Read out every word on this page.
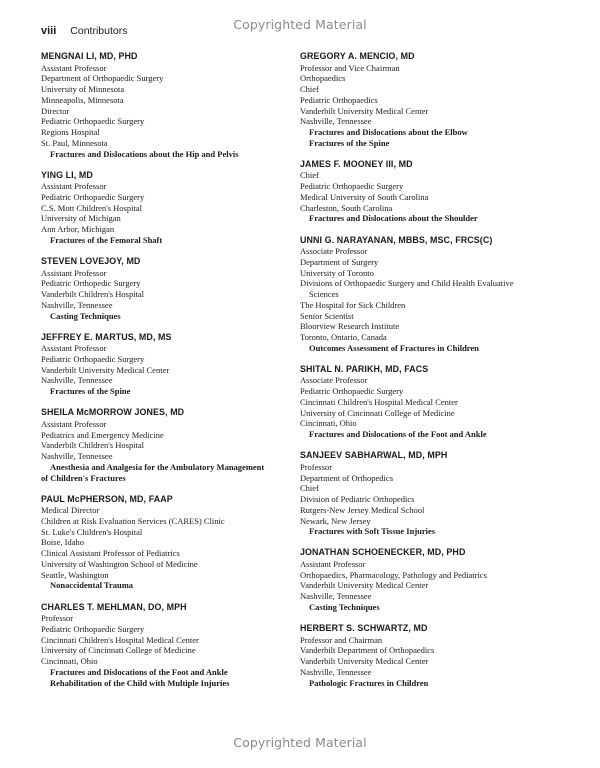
Copyrighted Material
viii Contributors
MENGNAI LI, MD, PHD
Assistant Professor
Department of Orthopaedic Surgery
University of Minnesota
Minneapolis, Minnesota
Director
Pediatric Orthopaedic Surgery
Regions Hospital
St. Paul, Minnesota
Fractures and Dislocations about the Hip and Pelvis
YING LI, MD
Assistant Professor
Pediatric Orthopaedic Surgery
C.S. Mott Children's Hospital
University of Michigan
Ann Arbor, Michigan
Fractures of the Femoral Shaft
STEVEN LOVEJOY, MD
Assistant Professor
Pediatric Orthopedic Surgery
Vanderbilt Children's Hospital
Nashville, Tennessee
Casting Techniques
JEFFREY E. MARTUS, MD, MS
Assistant Professor
Pediatric Orthopaedic Surgery
Vanderbilt University Medical Center
Nashville, Tennessee
Fractures of the Spine
SHEILA McMORROW JONES, MD
Assistant Professor
Pediatrics and Emergency Medicine
Vanderbilt Children's Hospital
Nashville, Tennessee
Anesthesia and Analgesia for the Ambulatory Management
of Children's Fractures
PAUL McPHERSON, MD, FAAP
Medical Director
Children at Risk Evaluation Services (CARES) Clinic
St. Luke's Children's Hospital
Boise, Idaho
Clinical Assistant Professor of Pediatrics
University of Washington School of Medicine
Seattle, Washington
Nonaccidental Trauma
CHARLES T. MEHLMAN, DO, MPH
Professor
Pediatric Orthopaedic Surgery
Cincinnati Children's Hospital Medical Center
University of Cincinnati College of Medicine
Cincinnati, Ohio
Fractures and Dislocations of the Foot and Ankle
Rehabilitation of the Child with Multiple Injuries
GREGORY A. MENCIO, MD
Professor and Vice Chairman
Orthopaedics
Chief
Pediatric Orthopaedics
Vanderbilt University Medical Center
Nashville, Tennessee
Fractures and Dislocations about the Elbow
Fractures of the Spine
JAMES F. MOONEY III, MD
Chief
Pediatric Orthopaedic Surgery
Medical University of South Carolina
Charleston, South Carolina
Fractures and Dislocations about the Shoulder
UNNI G. NARAYANAN, MBBS, MSC, FRCS(C)
Associate Professor
Department of Surgery
University of Toronto
Divisions of Orthopaedic Surgery and Child Health Evaluative
Sciences
The Hospital for Sick Children
Senior Scientist
Bloorview Research Institute
Toronto, Ontario, Canada
Outcomes Assessment of Fractures in Children
SHITAL N. PARIKH, MD, FACS
Associate Professor
Pediatric Orthopaedic Surgery
Cincinnati Children's Hospital Medical Center
University of Cincinnati College of Medicine
Cincinnati, Ohio
Fractures and Dislocations of the Foot and Ankle
SANJEEV SABHARWAL, MD, MPH
Professor
Department of Orthopedics
Chief
Division of Pediatric Orthopedics
Rutgers-New Jersey Medical School
Newark, New Jersey
Fractures with Soft Tissue Injuries
JONATHAN SCHOENECKER, MD, PHD
Assistant Professor
Orthopaedics, Pharmacology, Pathology and Pediatrics
Vanderbilt University Medical Center
Nashville, Tennessee
Casting Techniques
HERBERT S. SCHWARTZ, MD
Professor and Chairman
Vanderbilt Department of Orthopaedics
Vanderbilt University Medical Center
Nashville, Tennessee
Pathologic Fractures in Children
Copyrighted Material
